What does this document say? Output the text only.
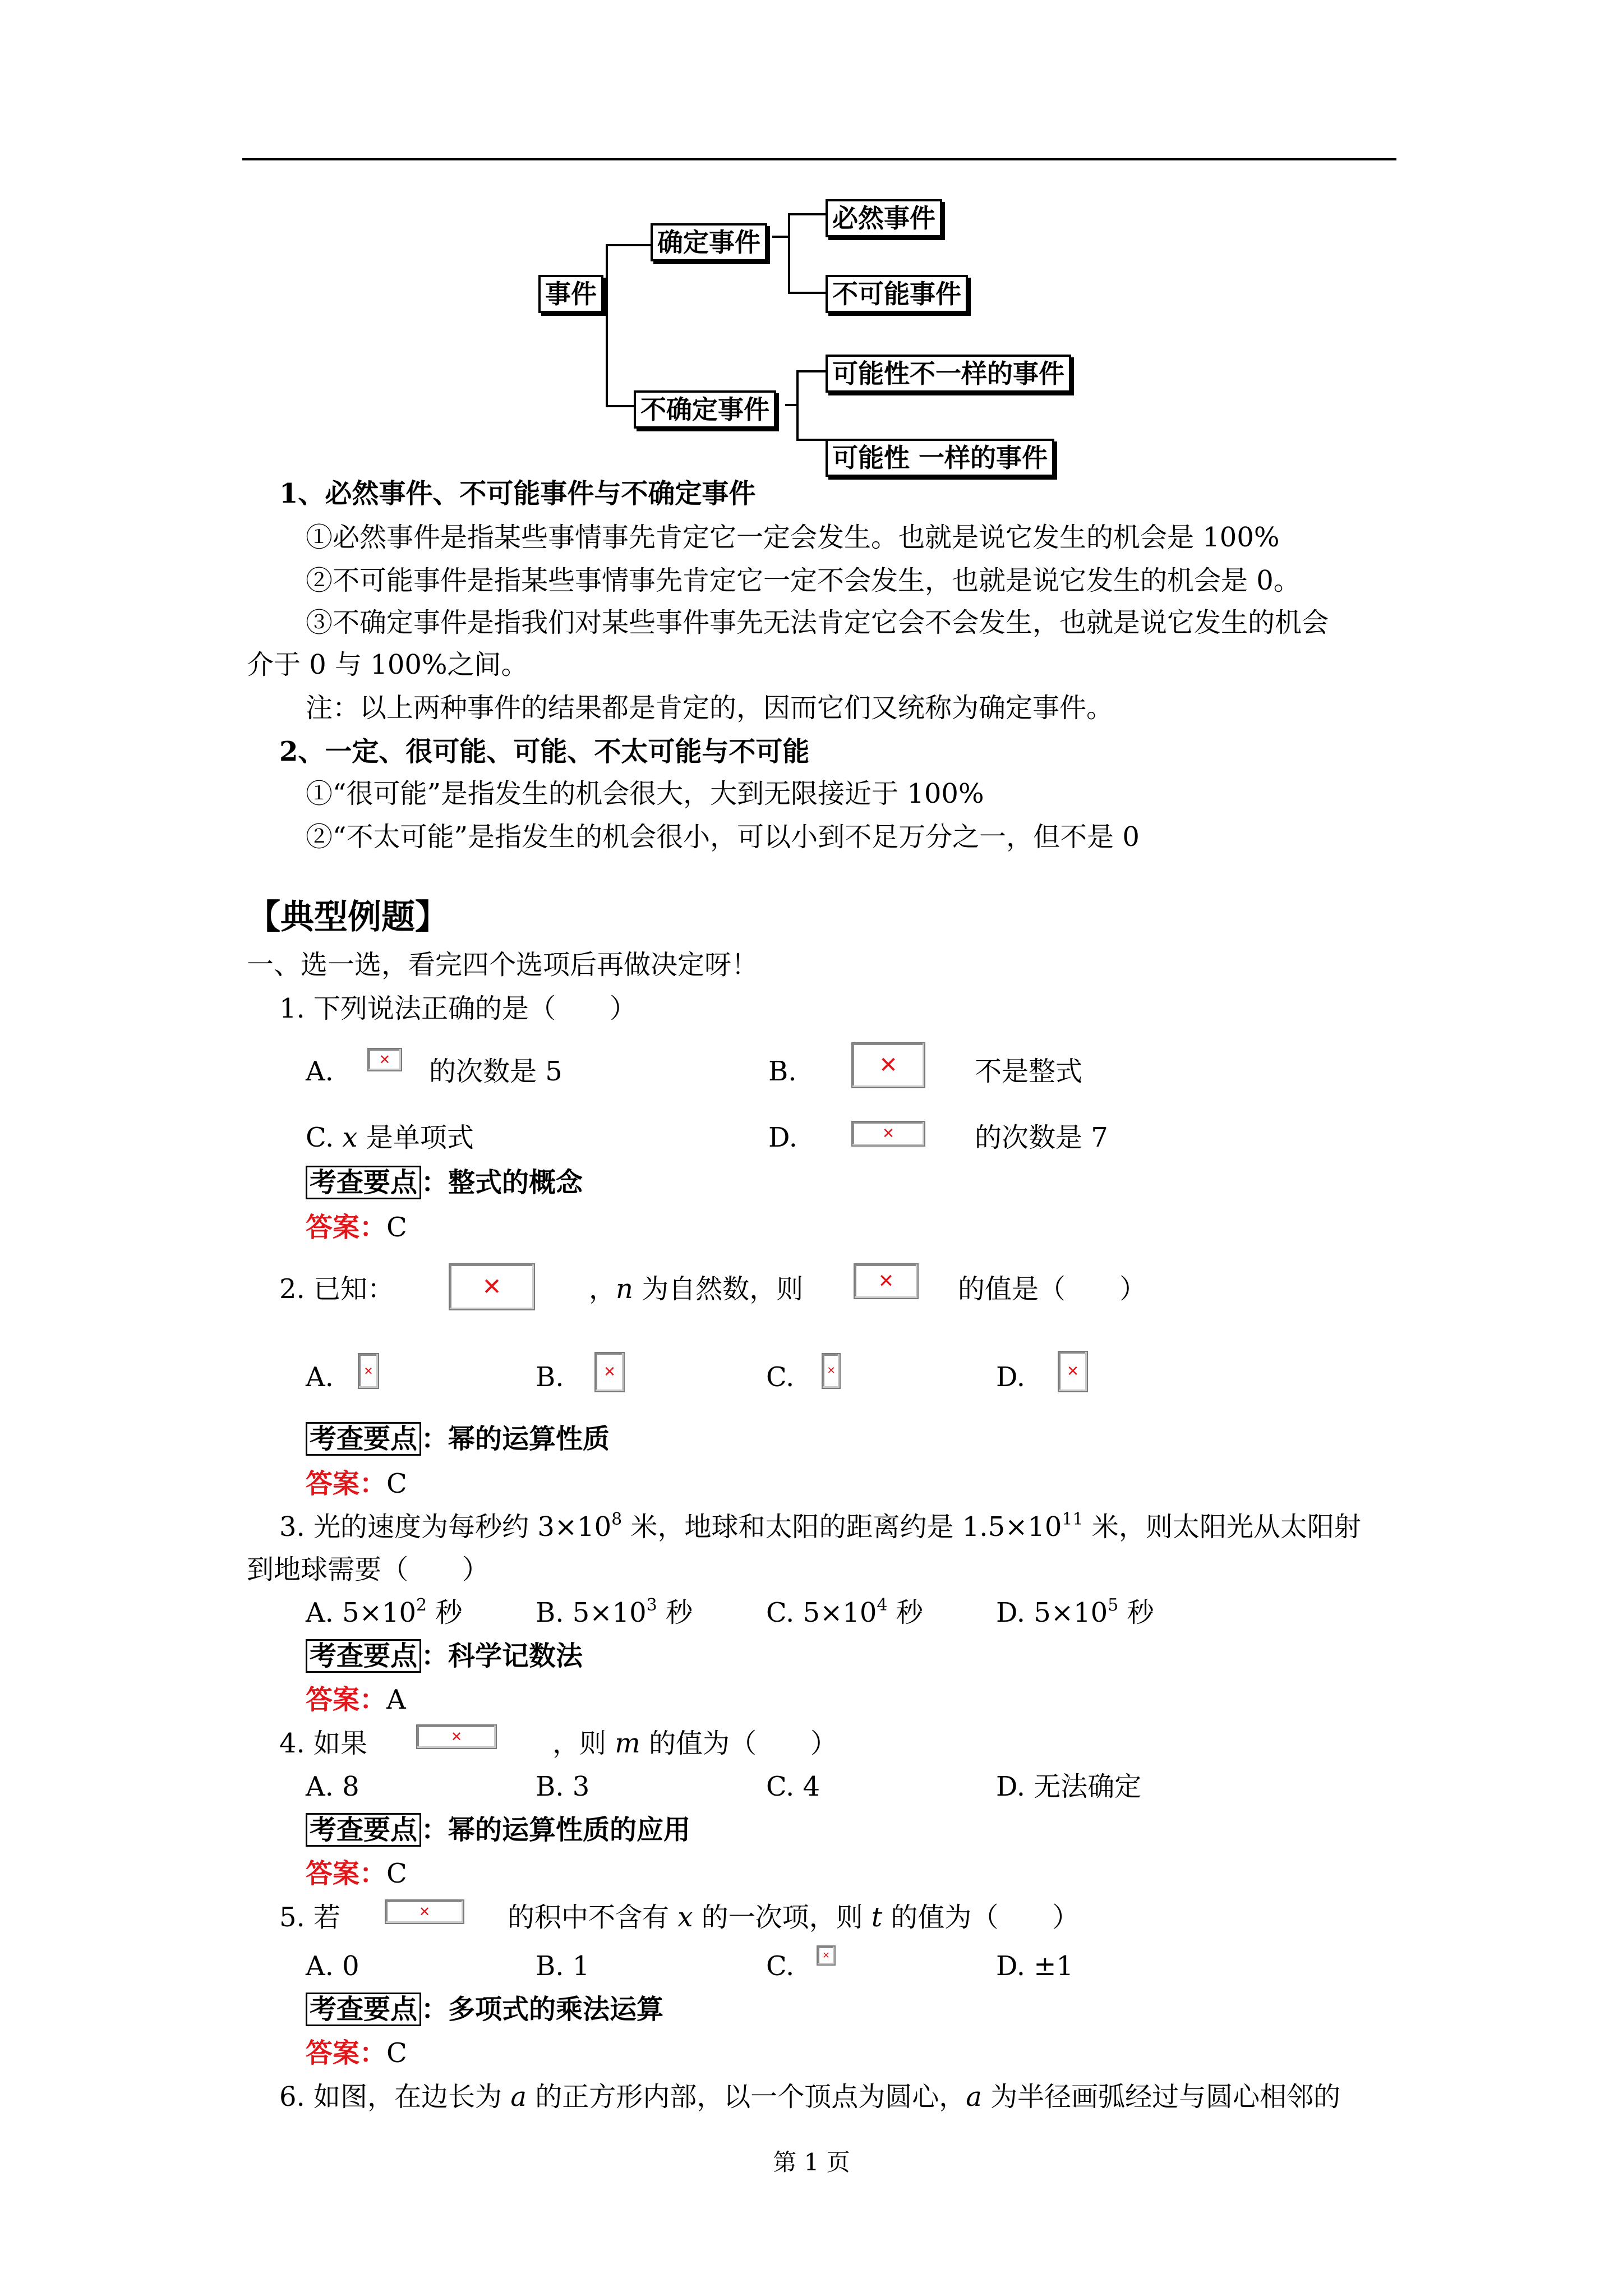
事件
确定事件
不确定事件
必然事件
不可能事件
可能性不一样的事件
可能性 一样的事件
1、必然事件、不可能事件与不确定事件
①必然事件是指某些事情事先肯定它一定会发生。也就是说它发生的机会是 100%
②不可能事件是指某些事情事先肯定它一定不会发生，也就是说它发生的机会是 0。
③不确定事件是指我们对某些事件事先无法肯定它会不会发生，也就是说它发生的机会
介于 0 与 100%之间。
注：以上两种事件的结果都是肯定的，因而它们又统称为确定事件。
2、一定、很可能、可能、不太可能与不可能
①“很可能”是指发生的机会很大，大到无限接近于 100%
②“不太可能”是指发生的机会很小，可以小到不足万分之一，但不是 0
【典型例题】
一、选一选，看完四个选项后再做决定呀！
1. 下列说法正确的是（　　）
A.	✕ 的次数是 5	B.	✕	不是整式
C. x 是单项式	D.	✕	的次数是 7
考查要点 ：整式的概念
答案：C
2. 已知：	✕	，n 为自然数，则	✕ 的值是（　　）
A.	✕	B.	✕	C.	✕	D.	✕
考查要点 ：幂的运算性质
答案：C
3. 光的速度为每秒约 $3\times 10^8$ 米，地球和太阳的距离约是 $1.5\times 10^{11}$ 米，则太阳光从太阳射
到地球需要（　　）
A. $5\times 10^2$ 秒	B. $5\times 10^3$ 秒	C. $5\times 10^4$ 秒	D. $5\times 10^5$ 秒
考查要点 ：科学记数法
答案：A
4. 如果	✕	，则 m 的值为（　　）
A. 8	B. 3	C. 4	D. 无法确定
考查要点 ：幂的运算性质的应用
答案：C
5. 若	✕	的积中不含有 x 的一次项，则 t 的值为（　　）
A. 0	B. 1	C.	✕	D. ±1
考查要点 ：多项式的乘法运算
答案：C
6. 如图，在边长为 a 的正方形内部，以一个顶点为圆心，a 为半径画弧经过与圆心相邻的
第 1 页
